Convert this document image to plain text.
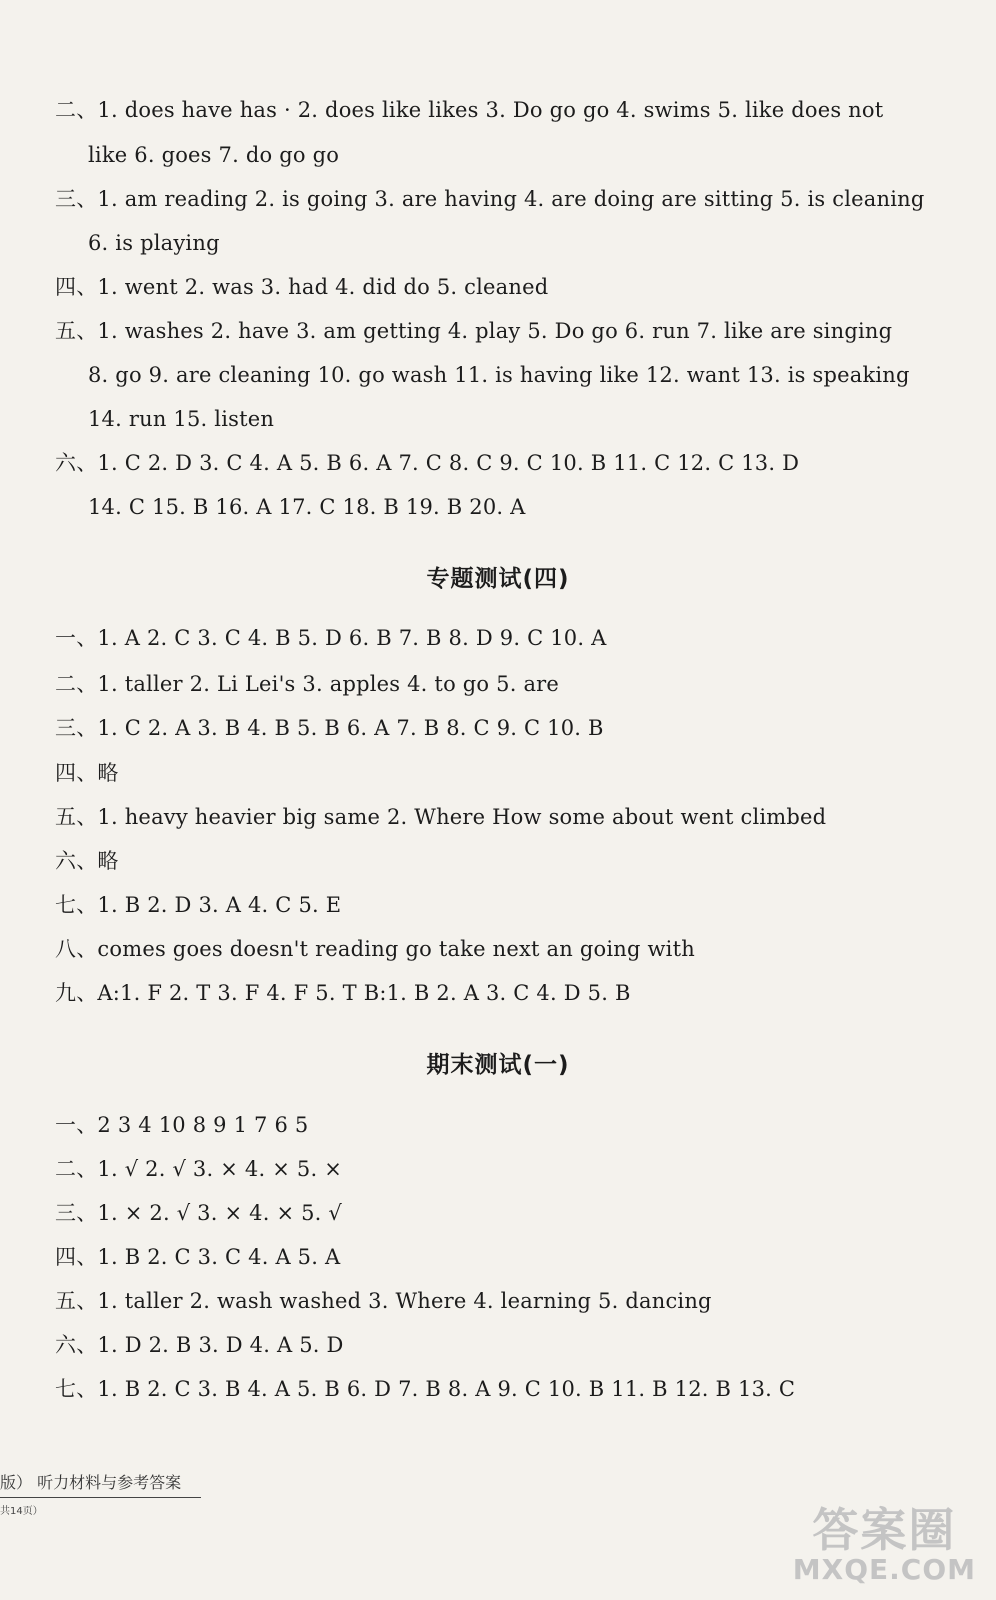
二、1. does have has · 2. does like likes 3. Do go go 4. swims 5. like does not
like 6. goes 7. do go go
三、1. am reading 2. is going 3. are having 4. are doing are sitting 5. is cleaning
6. is playing
四、1. went 2. was 3. had 4. did do 5. cleaned
五、1. washes 2. have 3. am getting 4. play 5. Do go 6. run 7. like are singing
8. go 9. are cleaning 10. go wash 11. is having like 12. want 13. is speaking
14. run 15. listen
六、1. C 2. D 3. C 4. A 5. B 6. A 7. C 8. C 9. C 10. B 11. C 12. C 13. D
14. C 15. B 16. A 17. C 18. B 19. B 20. A
专题测试(四)
一、1. A 2. C 3. C 4. B 5. D 6. B 7. B 8. D 9. C 10. A
二、1. taller 2. Li Lei's 3. apples 4. to go 5. are
三、1. C 2. A 3. B 4. B 5. B 6. A 7. B 8. C 9. C 10. B
四、略
五、1. heavy heavier big same 2. Where How some about went climbed
六、略
七、1. B 2. D 3. A 4. C 5. E
八、comes goes doesn't reading go take next an going with
九、A:1. F 2. T 3. F 4. F 5. T B:1. B 2. A 3. C 4. D 5. B
期末测试(一)
一、2 3 4 10 8 9 1 7 6 5
二、1. √ 2. √ 3. × 4. × 5. ×
三、1. × 2. √ 3. × 4. × 5. √
四、1. B 2. C 3. C 4. A 5. A
五、1. taller 2. wash washed 3. Where 4. learning 5. dancing
六、1. D 2. B 3. D 4. A 5. D
七、1. B 2. C 3. B 4. A 5. B 6. D 7. B 8. A 9. C 10. B 11. B 12. B 13. C
版） 听力材料与参考答案
共14页）	答案圈
MXQE.COM
